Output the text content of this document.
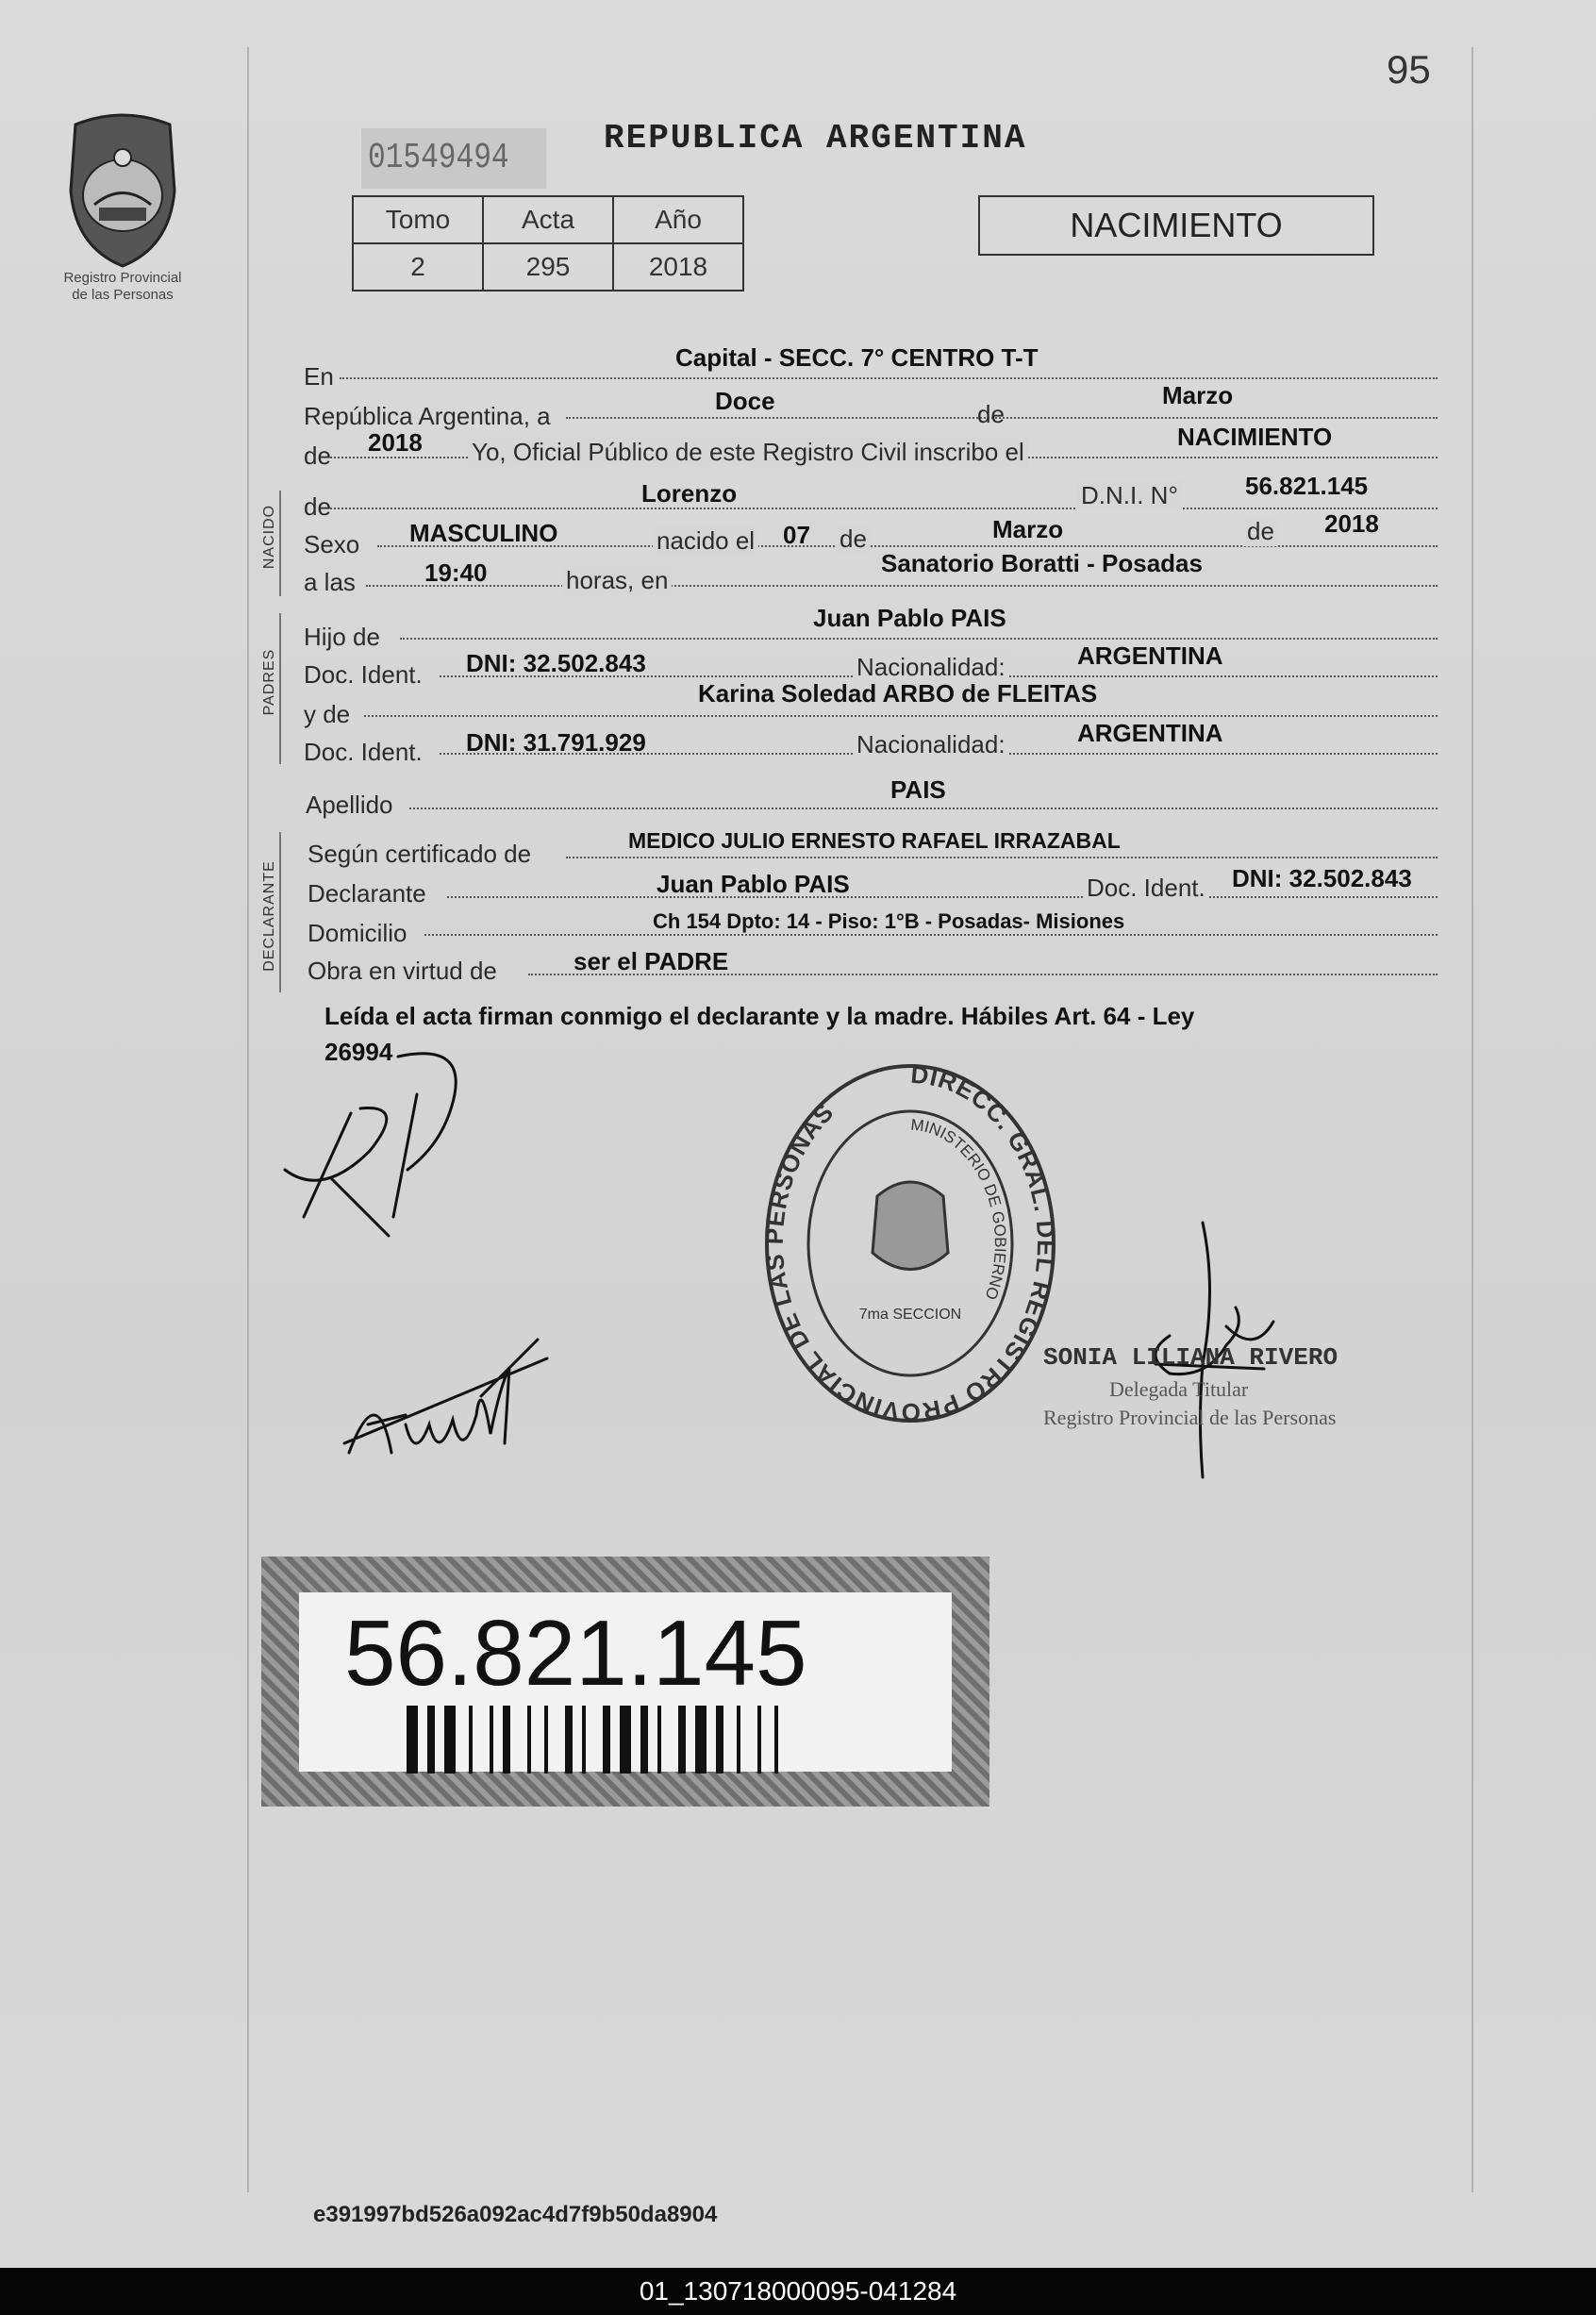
Registro Provincial
de las Personas
95
01549494	REPUBLICA ARGENTINA
Tomo	Acta	Año
2	295	2018
NACIMIENTO
En
Capital - SECC. 7° CENTRO T-T
República Argentina, a
Doce	de
Marzo
de 2018 Yo, Oficial Público de este Registro Civil inscribo el
NACIMIENTO
NACIDO de	Lorenzo	D.N.I. N°	56.821.145
Sexo MASCULINO	nacido el 07 de	Marzo	de 2018
a las	19:40	horas, en
Sanatorio Boratti - Posadas
PADRES
Hijo de
Juan Pablo PAIS
Doc. Ident. DNI: 32.502.843	Nacionalidad:	ARGENTINA
y de
Karina Soledad ARBO de FLEITAS
Doc. Ident. DNI: 31.791.929	Nacionalidad:	ARGENTINA
Apellido
PAIS
DECLARANTE
Según certificado de	MEDICO JULIO ERNESTO RAFAEL IRRAZABAL
Declarante	Juan Pablo PAIS	Doc. Ident. DNI: 32.502.843
Domicilio	Ch 154 Dpto: 14 - Piso: 1°B - Posadas- Misiones
Obra en virtud de	ser el PADRE
Leída el acta firman conmigo el declarante y la madre. Hábiles Art. 64 - Ley
26994
DIRECC. GRAL. DEL REGISTRO PROVINCIAL DE LAS PERSONAS	MINISTERIO DE GOBIERNO
7ma SECCION
SONIA LILIANA RIVERO
Delegada Titular
Registro Provincial de las Personas
56.821.145
e391997bd526a092ac4d7f9b50da8904
01_130718000095-041284
